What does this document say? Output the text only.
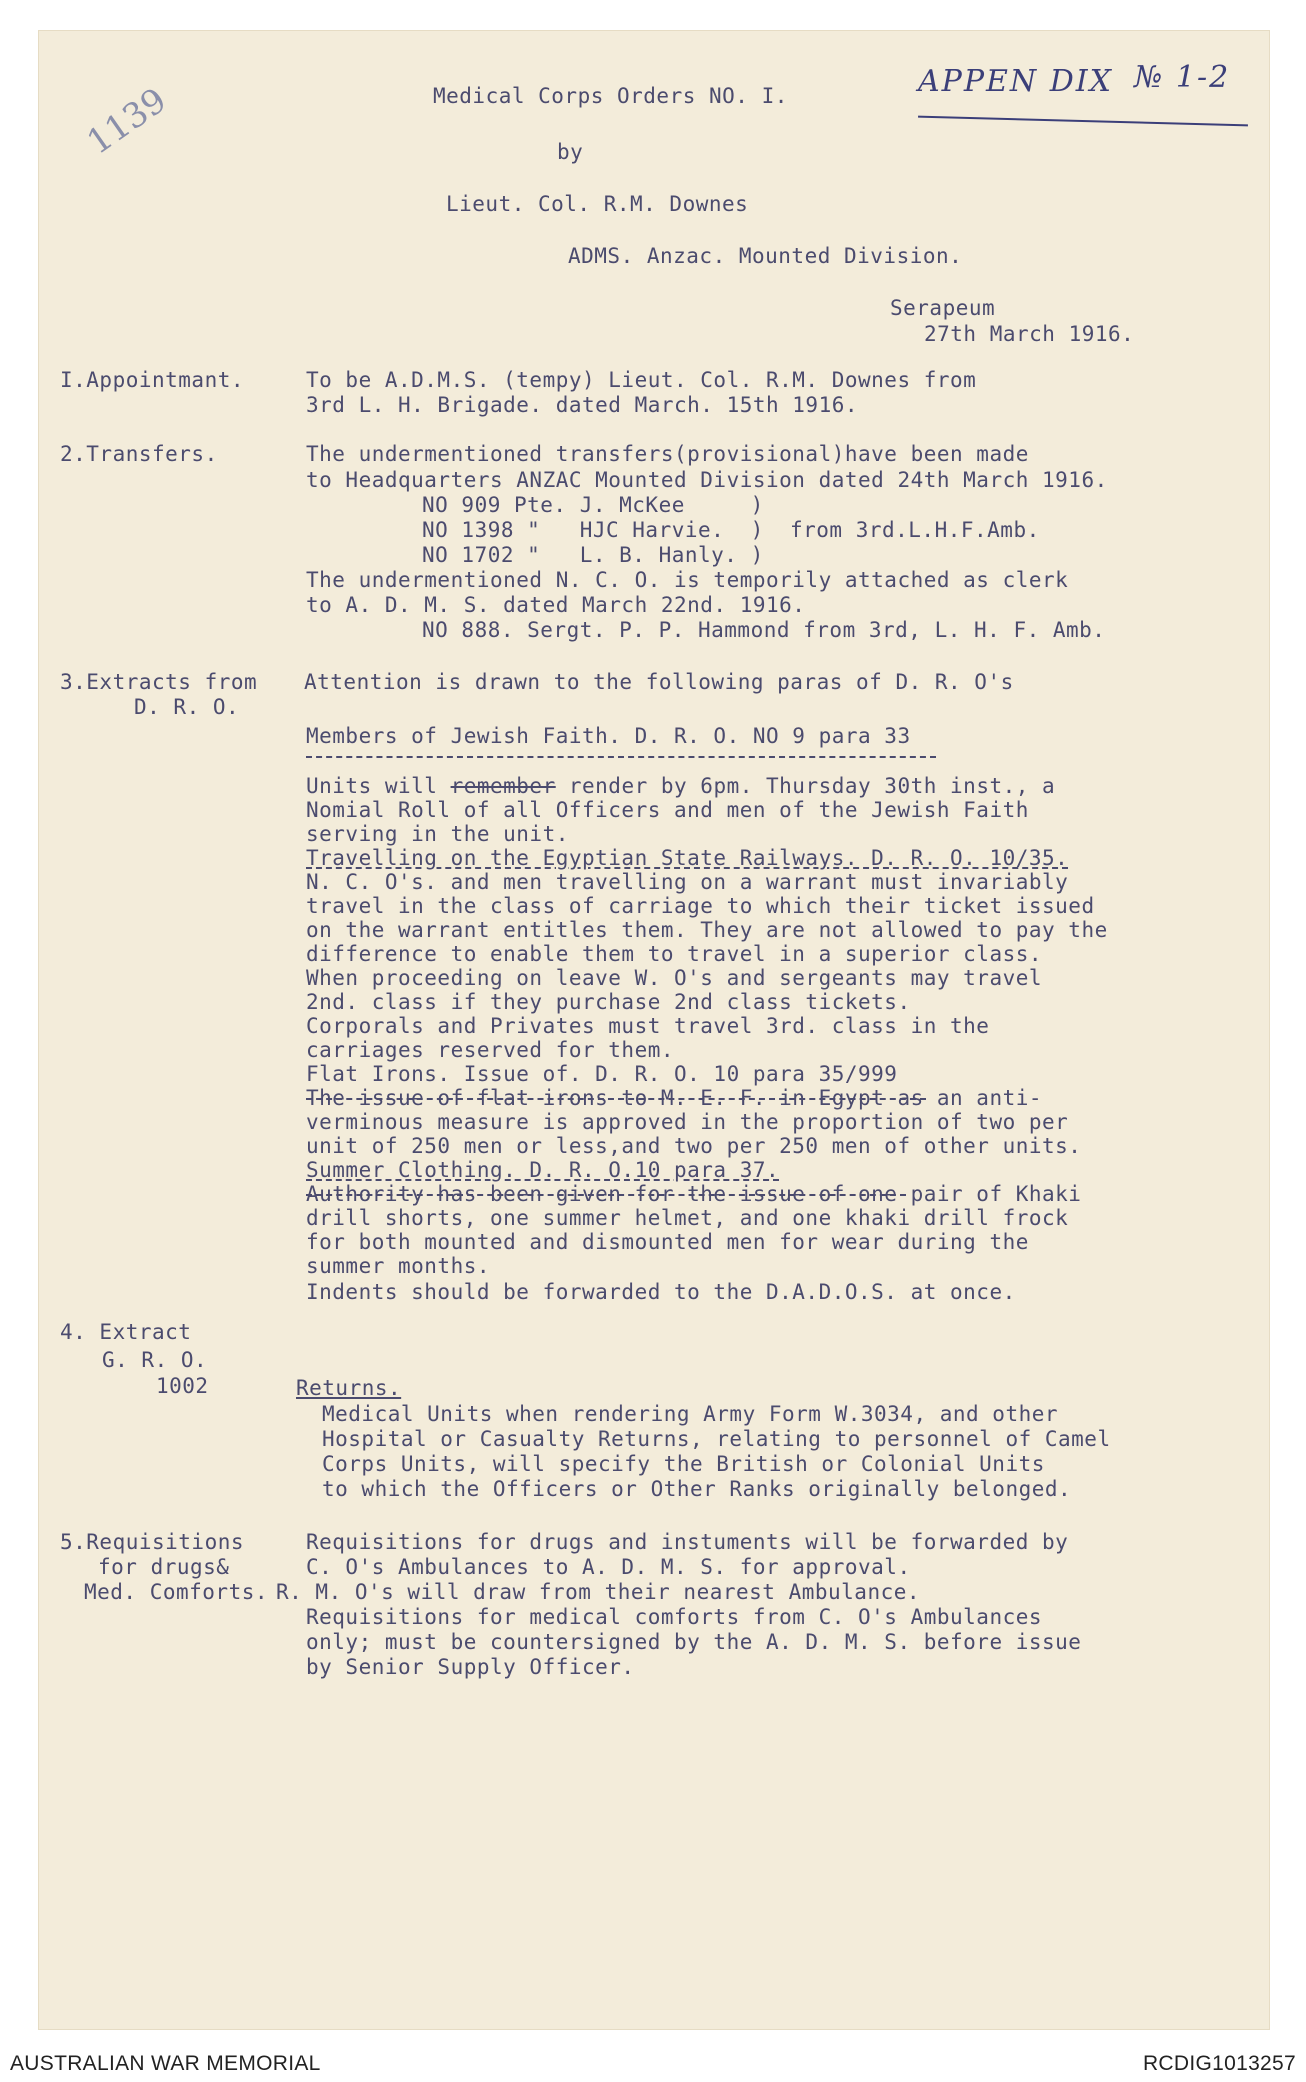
1139	APPEN DIX № 1-2
Medical Corps Orders NO. I.
by
Lieut. Col. R.M. Downes
ADMS. Anzac. Mounted Division.
Serapeum
27th March 1916.
I.Appointmant.	To be A.D.M.S. (tempy) Lieut. Col. R.M. Downes from
3rd L. H. Brigade. dated March. 15th 1916.
2.Transfers.	The undermentioned transfers(provisional)have been made
to Headquarters ANZAC Mounted Division dated 24th March 1916.
NO 909 Pte. J. McKee     )
NO 1398 "   HJC Harvie.  )  from 3rd.L.H.F.Amb.
NO 1702 "   L. B. Hanly. )
The undermentioned N. C. O. is temporily attached as clerk
to A. D. M. S. dated March 22nd. 1916.
NO 888. Sergt. P. P. Hammond from 3rd, L. H. F. Amb.
3.Extracts from
D. R. O.
Attention is drawn to the following paras of D. R. O's
Members of Jewish Faith. D. R. O. NO 9 para 33
Units will remember render by 6pm. Thursday 30th inst., a
Nomial Roll of all Officers and men of the Jewish Faith
serving in the unit.
Travelling on the Egyptian State Railways. D. R. O. 10/35.
N. C. O's. and men travelling on a warrant must invariably
travel in the class of carriage to which their ticket issued
on the warrant entitles them. They are not allowed to pay the
difference to enable them to travel in a superior class.
When proceeding on leave W. O's and sergeants may travel
2nd. class if they purchase 2nd class tickets.
Corporals and Privates must travel 3rd. class in the
carriages reserved for them.
Flat Irons. Issue of. D. R. O. 10 para 35/999
The issue of flat irons to M. E. F. in Egypt as an anti-
verminous measure is approved in the proportion of two per
unit of 250 men or less,and two per 250 men of other units.
Summer Clothing. D. R. O.10 para 37.
Authority has been given for the issue of one pair of Khaki
drill shorts, one summer helmet, and one khaki drill frock
for both mounted and dismounted men for wear during the
summer months.
Indents should be forwarded to the D.A.D.O.S. at once.
4. Extract
G. R. O.
1002	Returns.
Medical Units when rendering Army Form W.3034, and other
Hospital or Casualty Returns, relating to personnel of Camel
Corps Units, will specify the British or Colonial Units
to which the Officers or Other Ranks originally belonged.
5.Requisitions
for drugs&
Med. Comforts.
Requisitions for drugs and instuments will be forwarded by
C. O's Ambulances to A. D. M. S. for approval.
R. M. O's will draw from their nearest Ambulance.
Requisitions for medical comforts from C. O's Ambulances
only; must be countersigned by the A. D. M. S. before issue
by Senior Supply Officer.
AUSTRALIAN WAR MEMORIAL	RCDIG1013257
